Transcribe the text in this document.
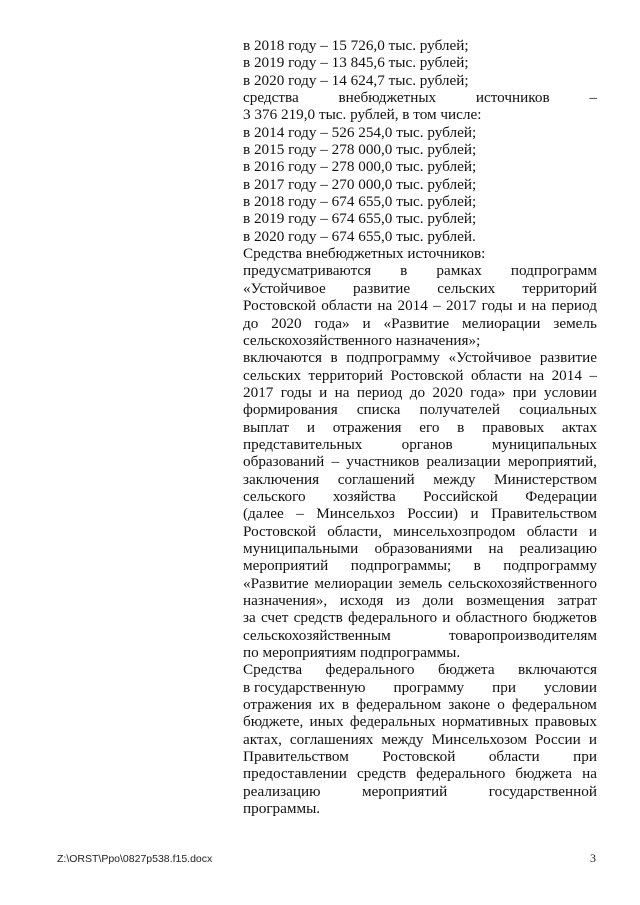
в 2018 году – 15 726,0 тыс. рублей;
в 2019 году – 13 845,6 тыс. рублей;
в 2020 году – 14 624,7 тыс. рублей;
средства	внебюджетных	источников	–
3 376 219,0 тыс. рублей, в том числе:
в 2014 году – 526 254,0 тыс. рублей;
в 2015 году – 278 000,0 тыс. рублей;
в 2016 году – 278 000,0 тыс. рублей;
в 2017 году – 270 000,0 тыс. рублей;
в 2018 году – 674 655,0 тыс. рублей;
в 2019 году – 674 655,0 тыс. рублей;
в 2020 году – 674 655,0 тыс. рублей.
Средства внебюджетных источников:
предусматриваются в рамках подпрограмм
«Устойчивое развитие сельских территорий
Ростовской области на 2014 – 2017 годы и на период
до 2020 года» и «Развитие мелиорации земель
сельскохозяйственного назначения»;
включаются в подпрограмму «Устойчивое развитие
сельских территорий Ростовской области на 2014 –
2017 годы и на период до 2020 года» при условии
формирования списка получателей социальных
выплат и отражения его в правовых актах
представительных	органов	муниципальных
образований – участников реализации мероприятий,
заключения соглашений между Министерством
сельского хозяйства Российской Федерации
(далее – Минсельхоз России) и Правительством
Ростовской области, минсельхозпродом области и
муниципальными образованиями на реализацию
мероприятий подпрограммы; в подпрограмму
«Развитие мелиорации земель сельскохозяйственного
назначения», исходя из доли возмещения затрат
за счет средств федерального и областного бюджетов
сельскохозяйственным	товаропроизводителям
по мероприятиям подпрограммы.
Средства федерального бюджета включаются
в государственную программу при условии
отражения их в федеральном законе о федеральном
бюджете, иных федеральных нормативных правовых
актах, соглашениях между Минсельхозом России и
Правительством Ростовской области при
предоставлении средств федерального бюджета на
реализацию	мероприятий	государственной
программы.
Z:\ORST\Ppo\0827p538.f15.docx	3
